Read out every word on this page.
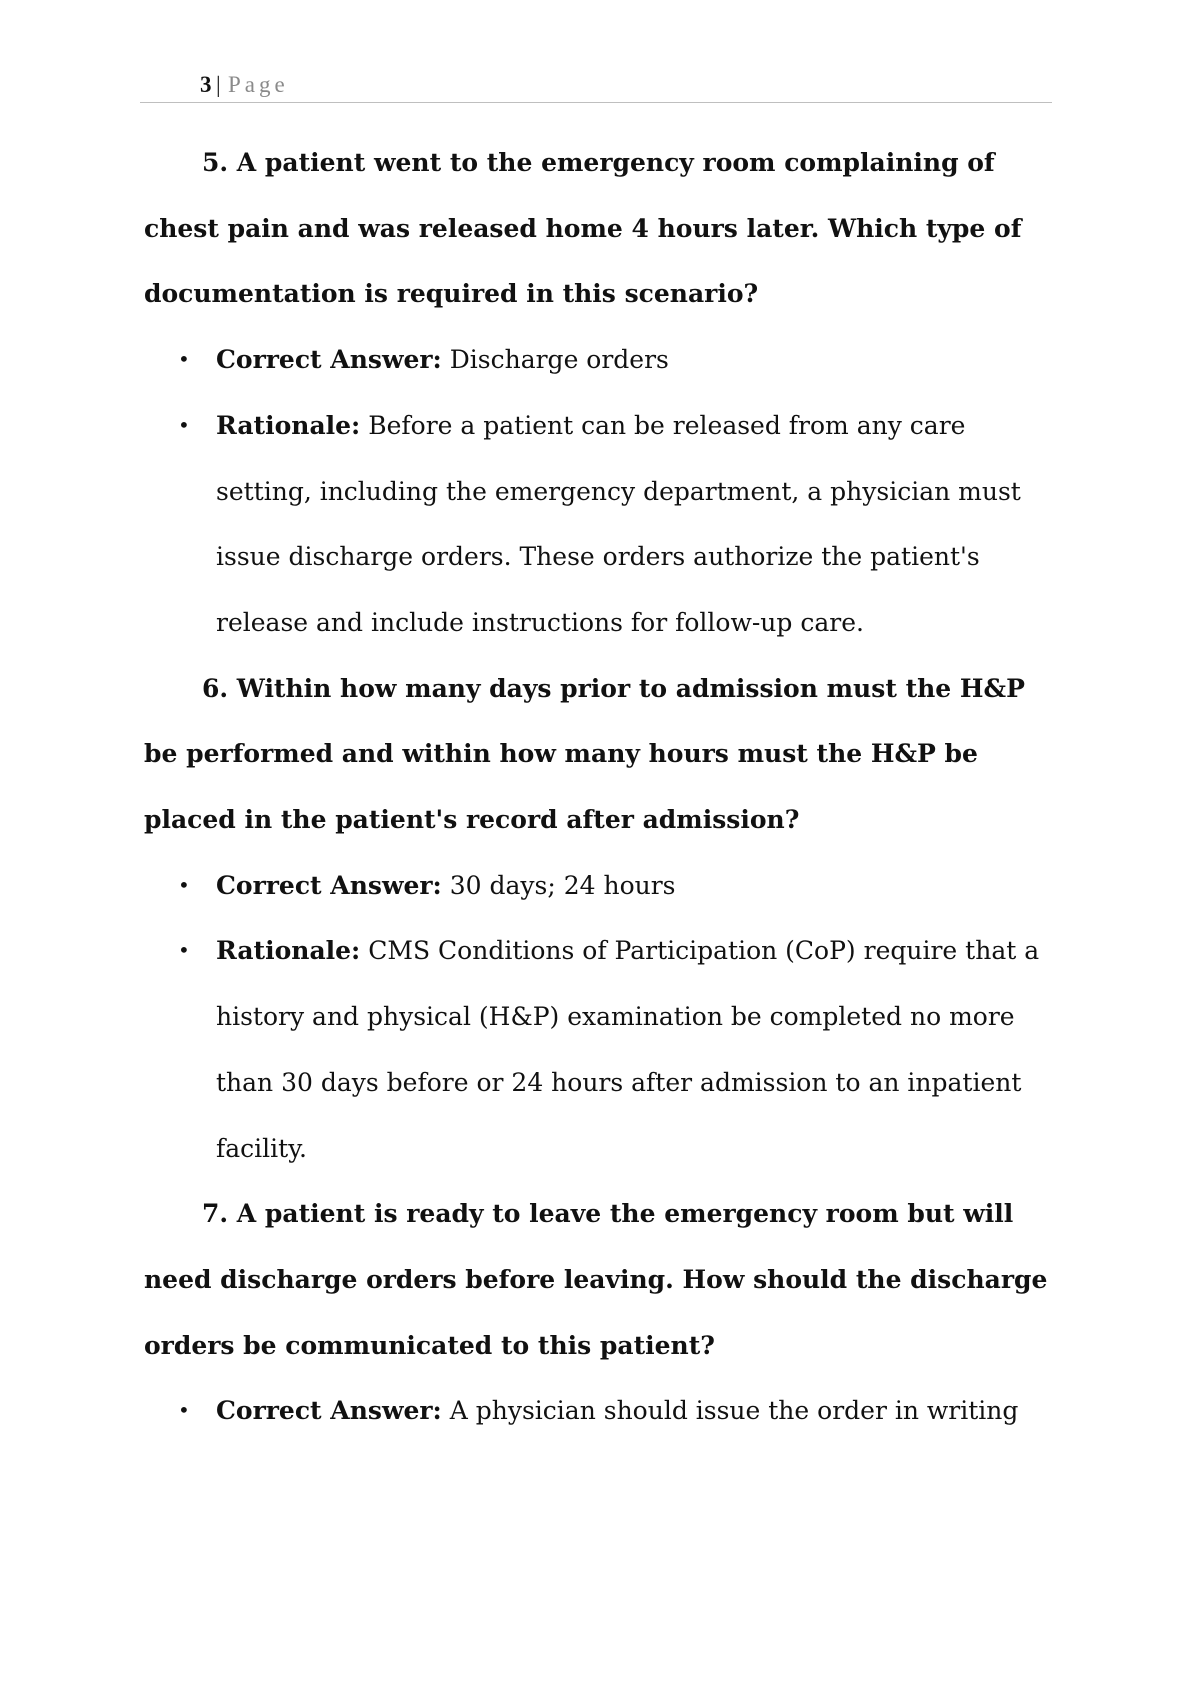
3 | Page

5. A patient went to the emergency room complaining of chest pain and was released home 4 hours later. Which type of documentation is required in this scenario?

• Correct Answer: Discharge orders
• Rationale: Before a patient can be released from any care setting, including the emergency department, a physician must issue discharge orders. These orders authorize the patient's release and include instructions for follow-up care.

6. Within how many days prior to admission must the H&P be performed and within how many hours must the H&P be placed in the patient's record after admission?

• Correct Answer: 30 days; 24 hours
• Rationale: CMS Conditions of Participation (CoP) require that a history and physical (H&P) examination be completed no more than 30 days before or 24 hours after admission to an inpatient facility.

7. A patient is ready to leave the emergency room but will need discharge orders before leaving. How should the discharge orders be communicated to this patient?

• Correct Answer: A physician should issue the order in writing
